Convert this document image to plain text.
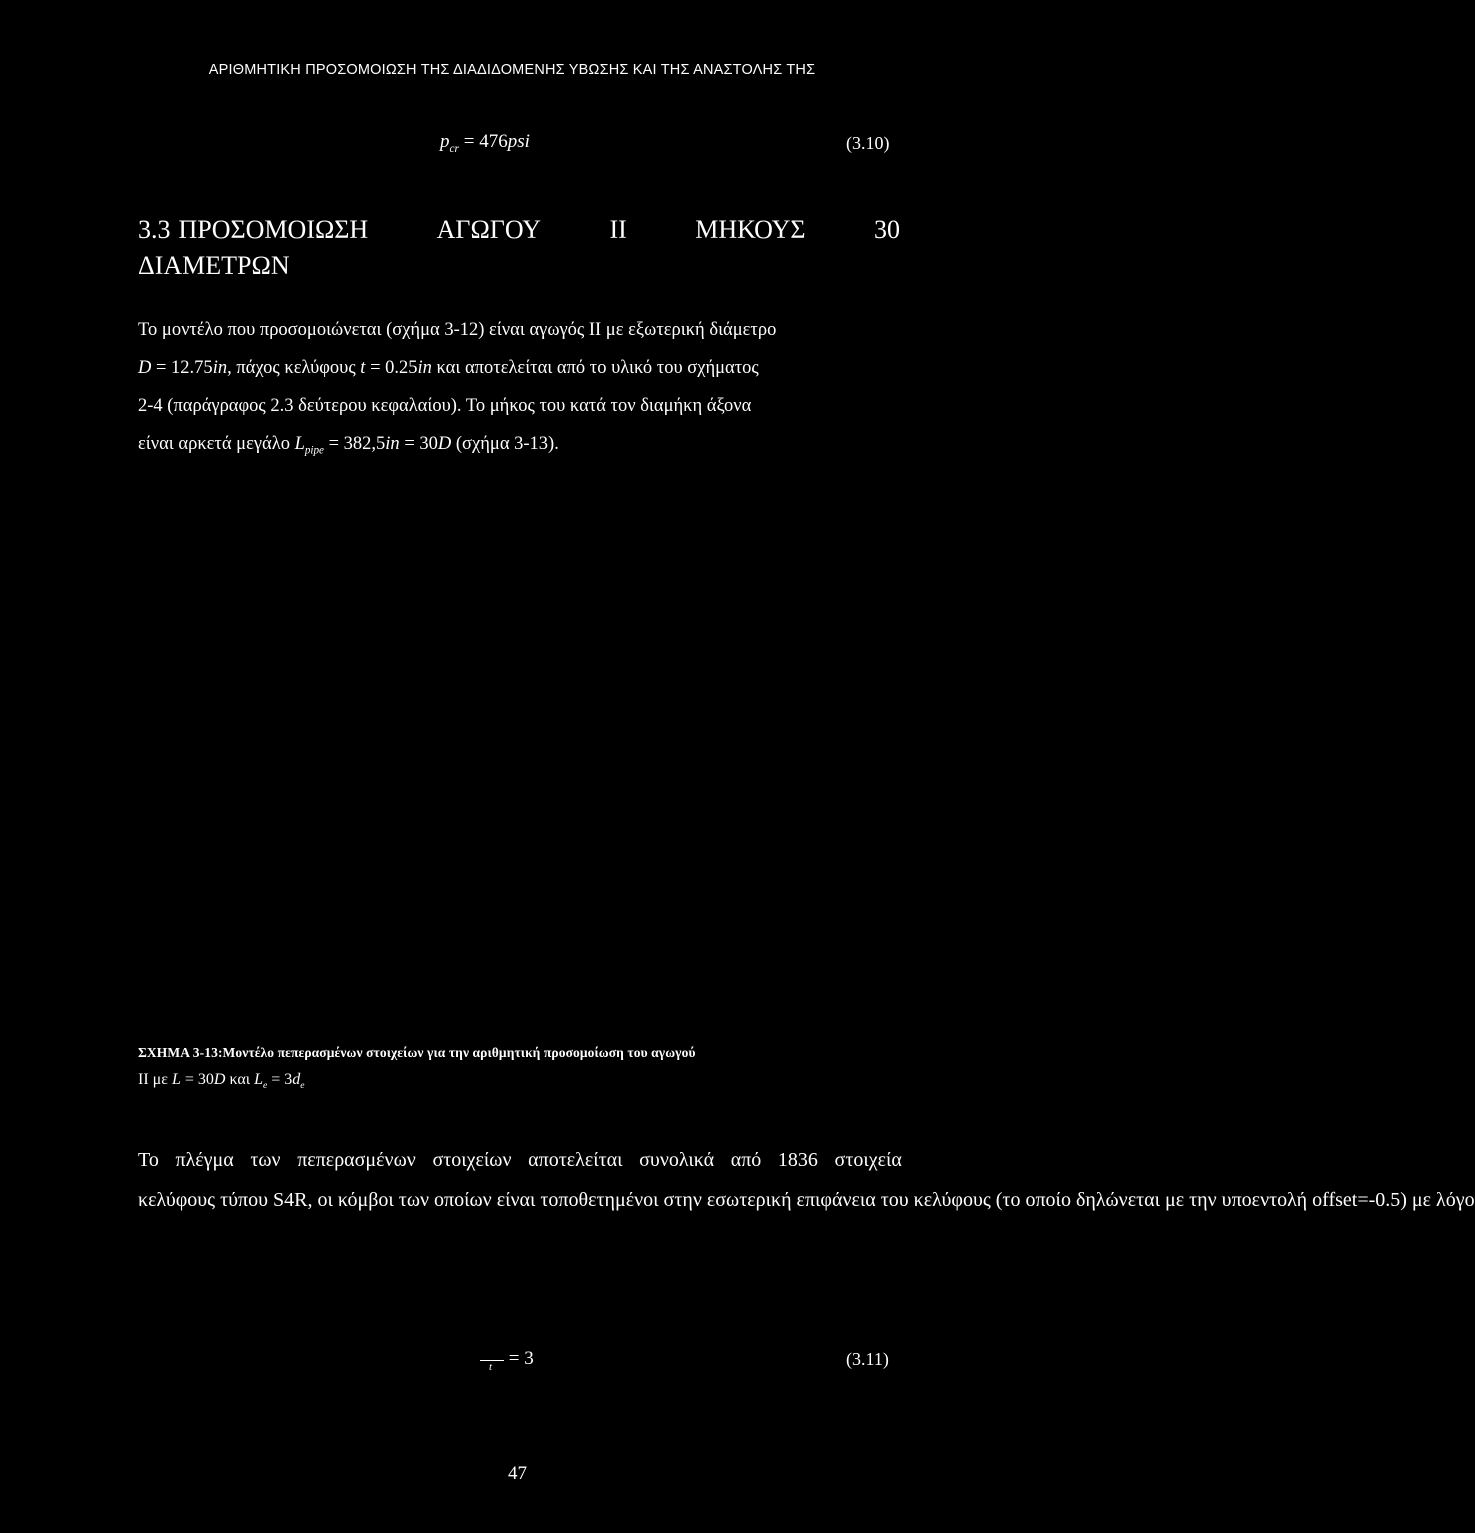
ΑΡΙΘΜΗΤΙΚΗ ΠΡΟΣΟΜΟΙΩΣΗ ΤΗΣ ΔΙΑΔΙΔΟΜΕΝΗΣ ΥΒΩΣΗΣ ΚΑΙ ΤΗΣ ΑΝΑΣΤΟΛΗΣ ΤΗΣ
$p_{cr} = 476psi$	(3.10)
3.3 ΠΡΟΣΟΜΟΙΩΣΗ	ΑΓΩΓΟΥ	ΙΙ	ΜΗΚΟΥΣ	30
ΔΙΑΜΕΤΡΩΝ
Το μοντέλο που προσομοιώνεται (σχήμα 3-12) είναι αγωγός ΙΙ με εξωτερική διάμετρο
D = 12.75in, πάχος κελύφους t = 0.25in και αποτελείται από το υλικό του σχήματος
2-4 (παράγραφος 2.3 δεύτερου κεφαλαίου). Το μήκος του κατά τον διαμήκη άξονα
είναι αρκετά μεγάλο $L_{pipe} = 382,5in = 30D$ (σχήμα 3-13).
ΣΧΗΜΑ 3-13:Μοντέλο πεπερασμένων στοιχείων για την αριθμητική προσομοίωση του αγωγού
ΙΙ με L = 30D και $L_e = 3d_e$
Το πλέγμα των πεπερασμένων στοιχείων αποτελείται συνολικά από 1836 στοιχεία
κελύφους τύπου S4R, οι κόμβοι των οποίων είναι τοποθετημένοι στην εσωτερική επιφάνεια του κελύφους (το οποίο δηλώνεται με την υποεντολή offset=-0.5) με λόγο
t = 3	(3.11)
47
